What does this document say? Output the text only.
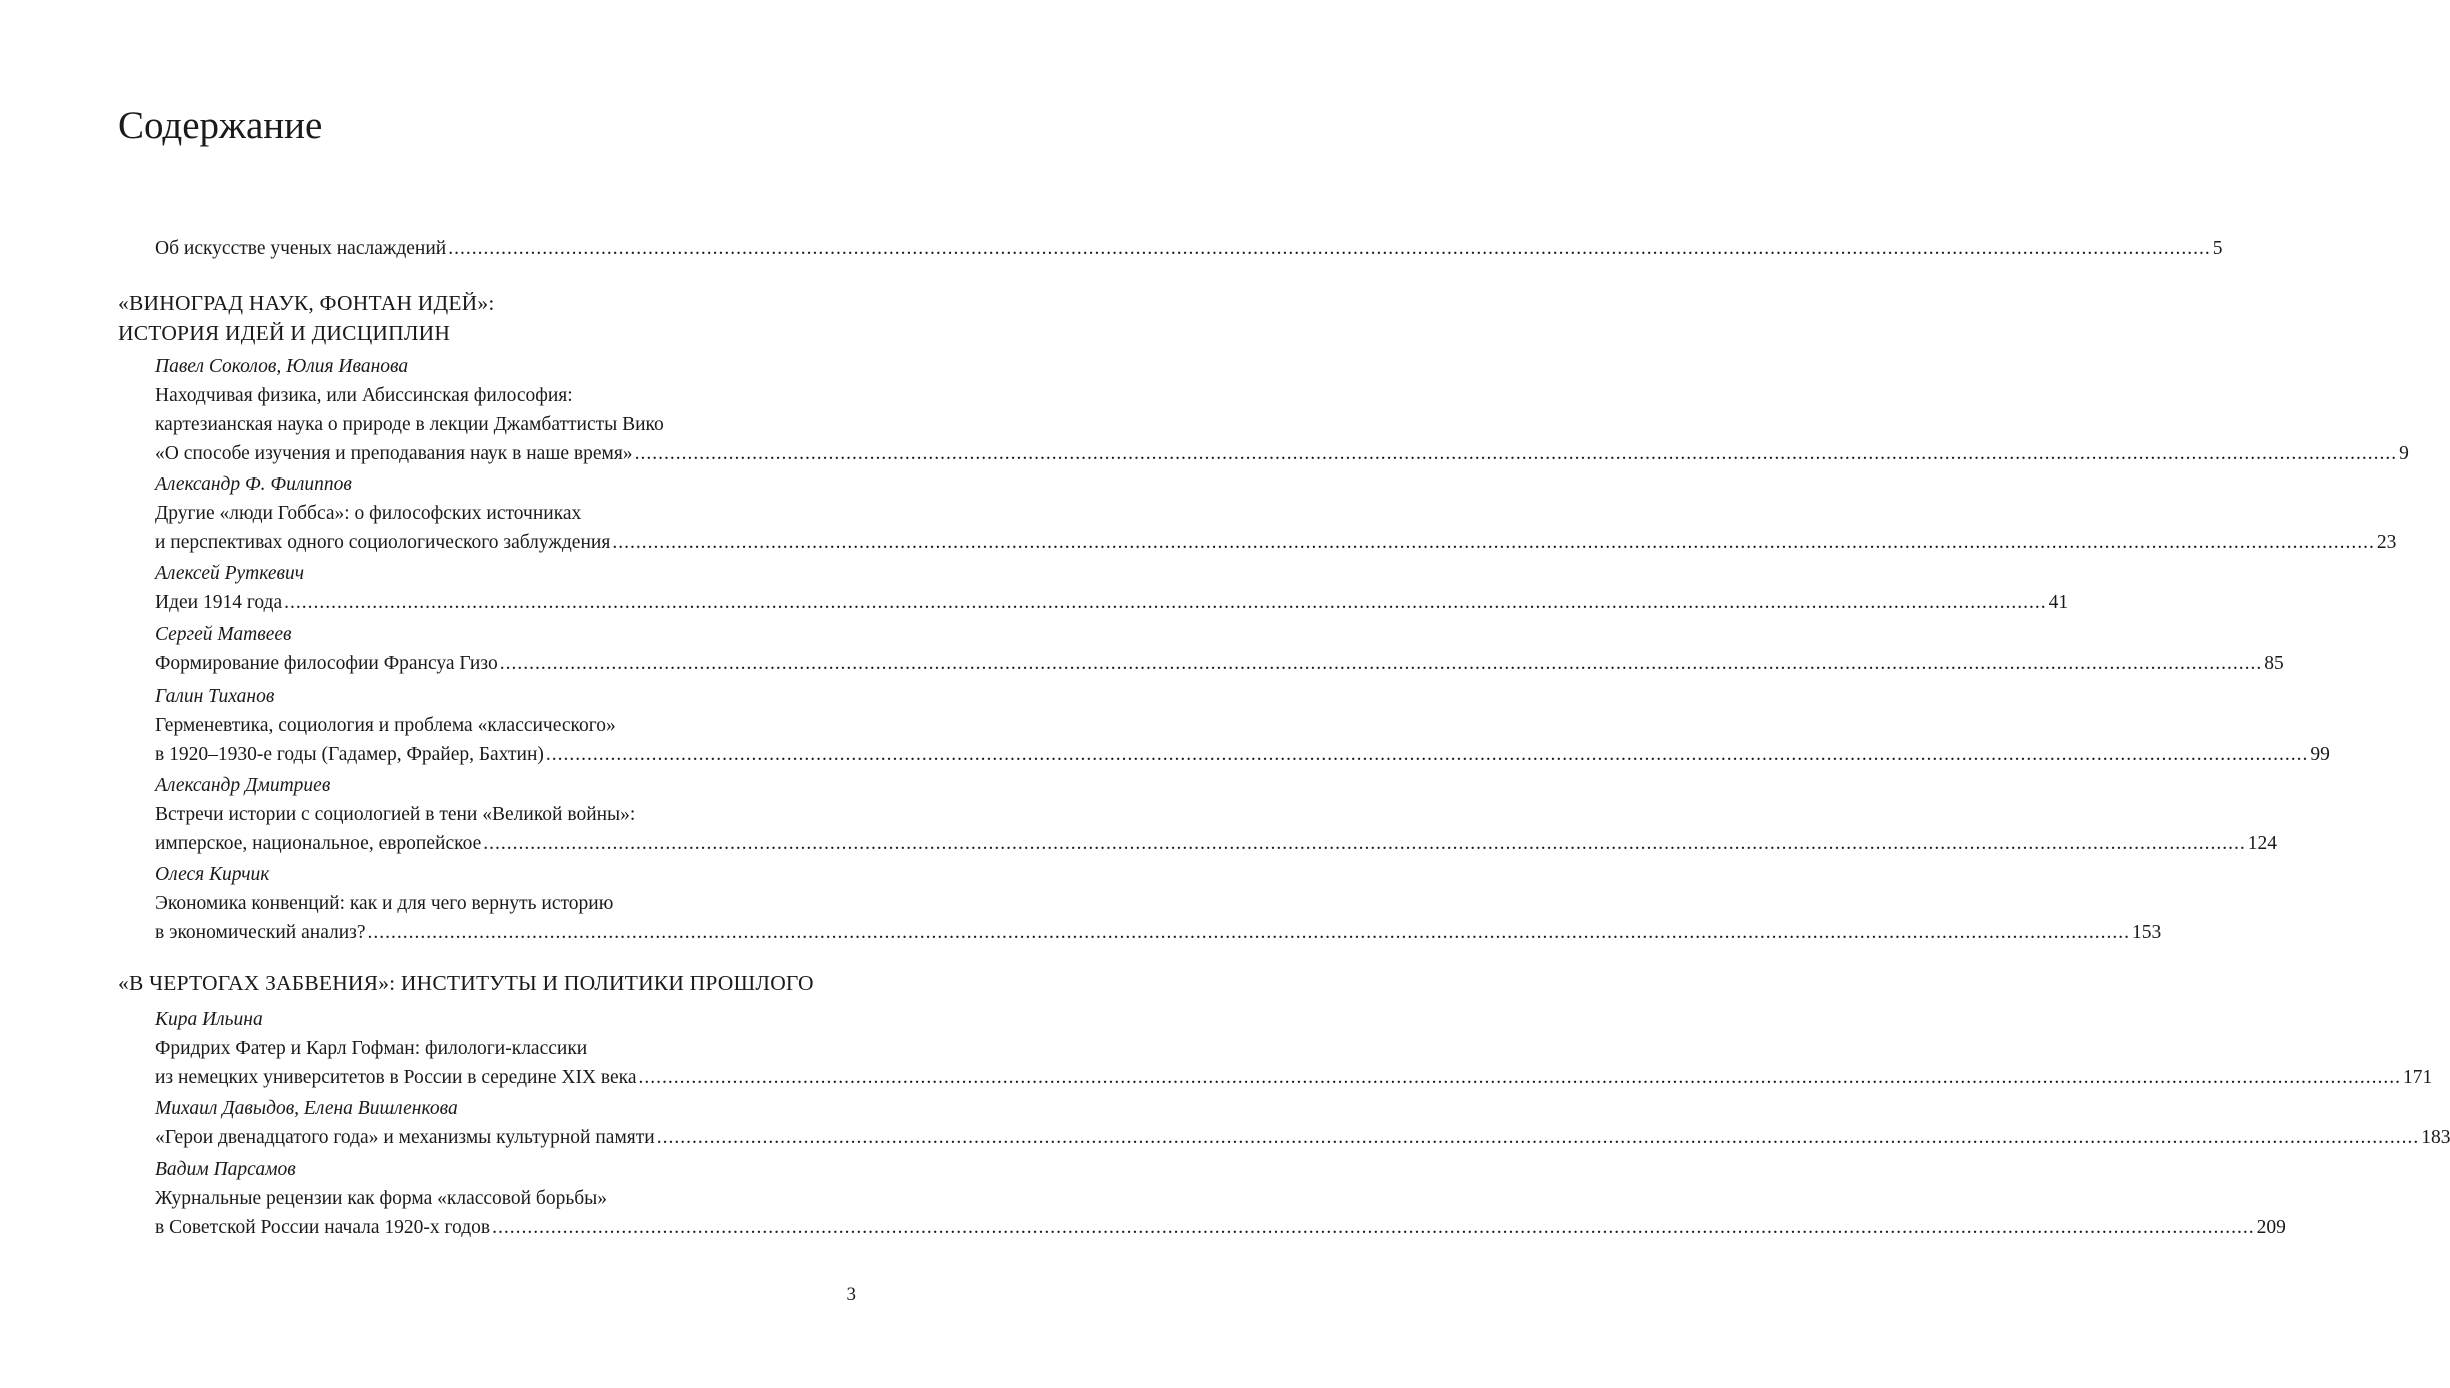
Содержание
Об искусстве ученых наслаждений ............................................................................................................................................................................................................................................................................................................ 5
«ВИНОГРАД НАУК, ФОНТАН ИДЕЙ»:
ИСТОРИЯ ИДЕЙ И ДИСЦИПЛИН
Павел Соколов, Юлия Иванова
Находчивая физика, или Абиссинская философия:
картезианская наука о природе в лекции Джамбаттисты Вико
«О способе изучения и преподавания наук в наше время» ............................................................................................................................................................................................................................................................................................................ 9
Александр Ф. Филиппов
Другие «люди Гоббса»: о философских источниках
и перспективах одного социологического заблуждения ............................................................................................................................................................................................................................................................................................................ 23
Алексей Руткевич
Идеи 1914 года ............................................................................................................................................................................................................................................................................................................ 41
Сергей Матвеев
Формирование философии Франсуа Гизо ............................................................................................................................................................................................................................................................................................................ 85
Галин Тиханов
Герменевтика, социология и проблема «классического»
в 1920–1930-е годы (Гадамер, Фрайер, Бахтин) ............................................................................................................................................................................................................................................................................................................ 99
Александр Дмитриев
Встречи истории с социологией в тени «Великой войны»:
имперское, национальное, европейское ............................................................................................................................................................................................................................................................................................................ 124
Олеся Кирчик
Экономика конвенций: как и для чего вернуть историю
в экономический анализ? ............................................................................................................................................................................................................................................................................................................ 153
«В ЧЕРТОГАХ ЗАБВЕНИЯ»: ИНСТИТУТЫ И ПОЛИТИКИ ПРОШЛОГО
Кира Ильина
Фридрих Фатер и Карл Гофман: филологи-классики
из немецких университетов в России в середине XIX века ............................................................................................................................................................................................................................................................................................................ 171
Михаил Давыдов, Елена Вишленкова
«Герои двенадцатого года» и механизмы культурной памяти ............................................................................................................................................................................................................................................................................................................ 183
Вадим Парсамов
Журнальные рецензии как форма «классовой борьбы»
в Советской России начала 1920-х годов ............................................................................................................................................................................................................................................................................................................ 209
3
